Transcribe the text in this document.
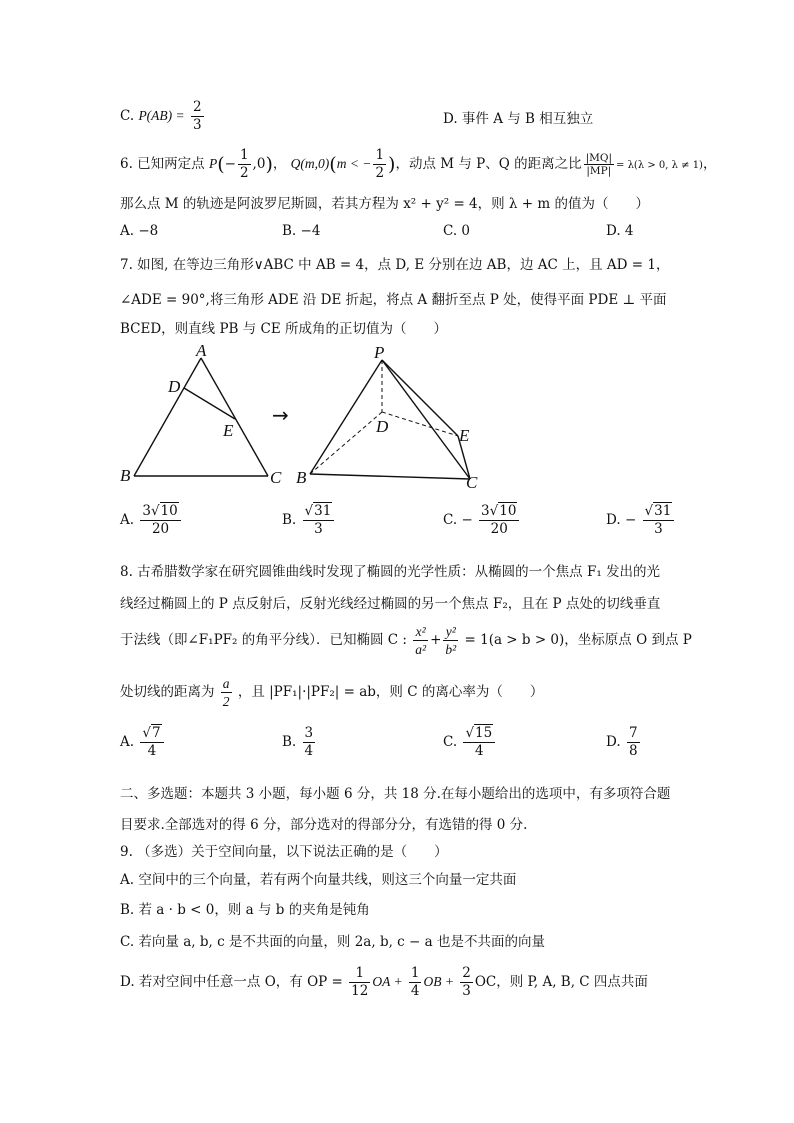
C. $P(AB) = \frac{2}{3}$	D. 事件 A 与 B 相互独立
6. 已知两定点 $P(- \frac{1}{2} ,0)$， Q(m,0)(m < − $\frac{1}{2}$ )，动点 M 与 P、Q 的距离之比 $\frac{|MQ|}{|MP|} = \lambda(\lambda > 0$, λ ≠ 1)，
那么点 M 的轨迹是阿波罗尼斯圆，若其方程为 x² + y² = 4，则 λ + m 的值为（　　）
A. −8	B. −4	C. 0	D. 4
7. 如图, 在等边三角形∨ABC 中 AB = 4，点 D, E 分别在边 AB，边 AC 上，且 AD = 1，
∠ADE = 90°,将三角形 ADE 沿 DE 折起，将点 A 翻折至点 P 处，使得平面 PDE ⊥ 平面
BCED，则直线 PB 与 CE 所成角的正切值为（　　）
A
D
E
B	C
P
D	E
B	C
→
A. $\frac{3√10}{20}$	B. $\frac{√31}{3}$	C. − $\frac{3√10}{20}$	D. − $\frac{√31}{3}$
8. 古希腊数学家在研究圆锥曲线时发现了椭圆的光学性质：从椭圆的一个焦点 F₁ 发出的光
线经过椭圆上的 P 点反射后，反射光线经过椭圆的另一个焦点 F₂，且在 P 点处的切线垂直
于法线（即∠F₁PF₂ 的角平分线）．已知椭圆 C : $\frac{\text{x²}}{\text{a²}} + \frac{\text{y²}}{\text{b²}} = 1(a > b > 0)$，坐标原点 O 到点 P
处切线的距离为 $\frac{a}{2}$ ，且 |PF₁|·|PF₂| = ab，则 C 的离心率为（　　）
A. $\frac{√7}{4}$	B. $\frac{3}{4}$	C. $\frac{√15}{4}$	D. $\frac{7}{8}$
二、多选题：本题共 3 小题，每小题 6 分，共 18 分.在每小题给出的选项中，有多项符合题
目要求.全部选对的得 6 分，部分选对的得部分分，有选错的得 0 分.
9. （多选）关于空间向量，以下说法正确的是（　　）
A. 空间中的三个向量，若有两个向量共线，则这三个向量一定共面
B. 若 a · b < 0，则 a 与 b 的夹角是钝角
C. 若向量 a, b, c 是不共面的向量，则 2a, b, c − a 也是不共面的向量
D. 若对空间中任意一点 O，有 OP = $\frac{1}{12}$ OA + $\frac{1}{4}$ OB + $\frac{2}{3}$ OC，则 P, A, B, C 四点共面
